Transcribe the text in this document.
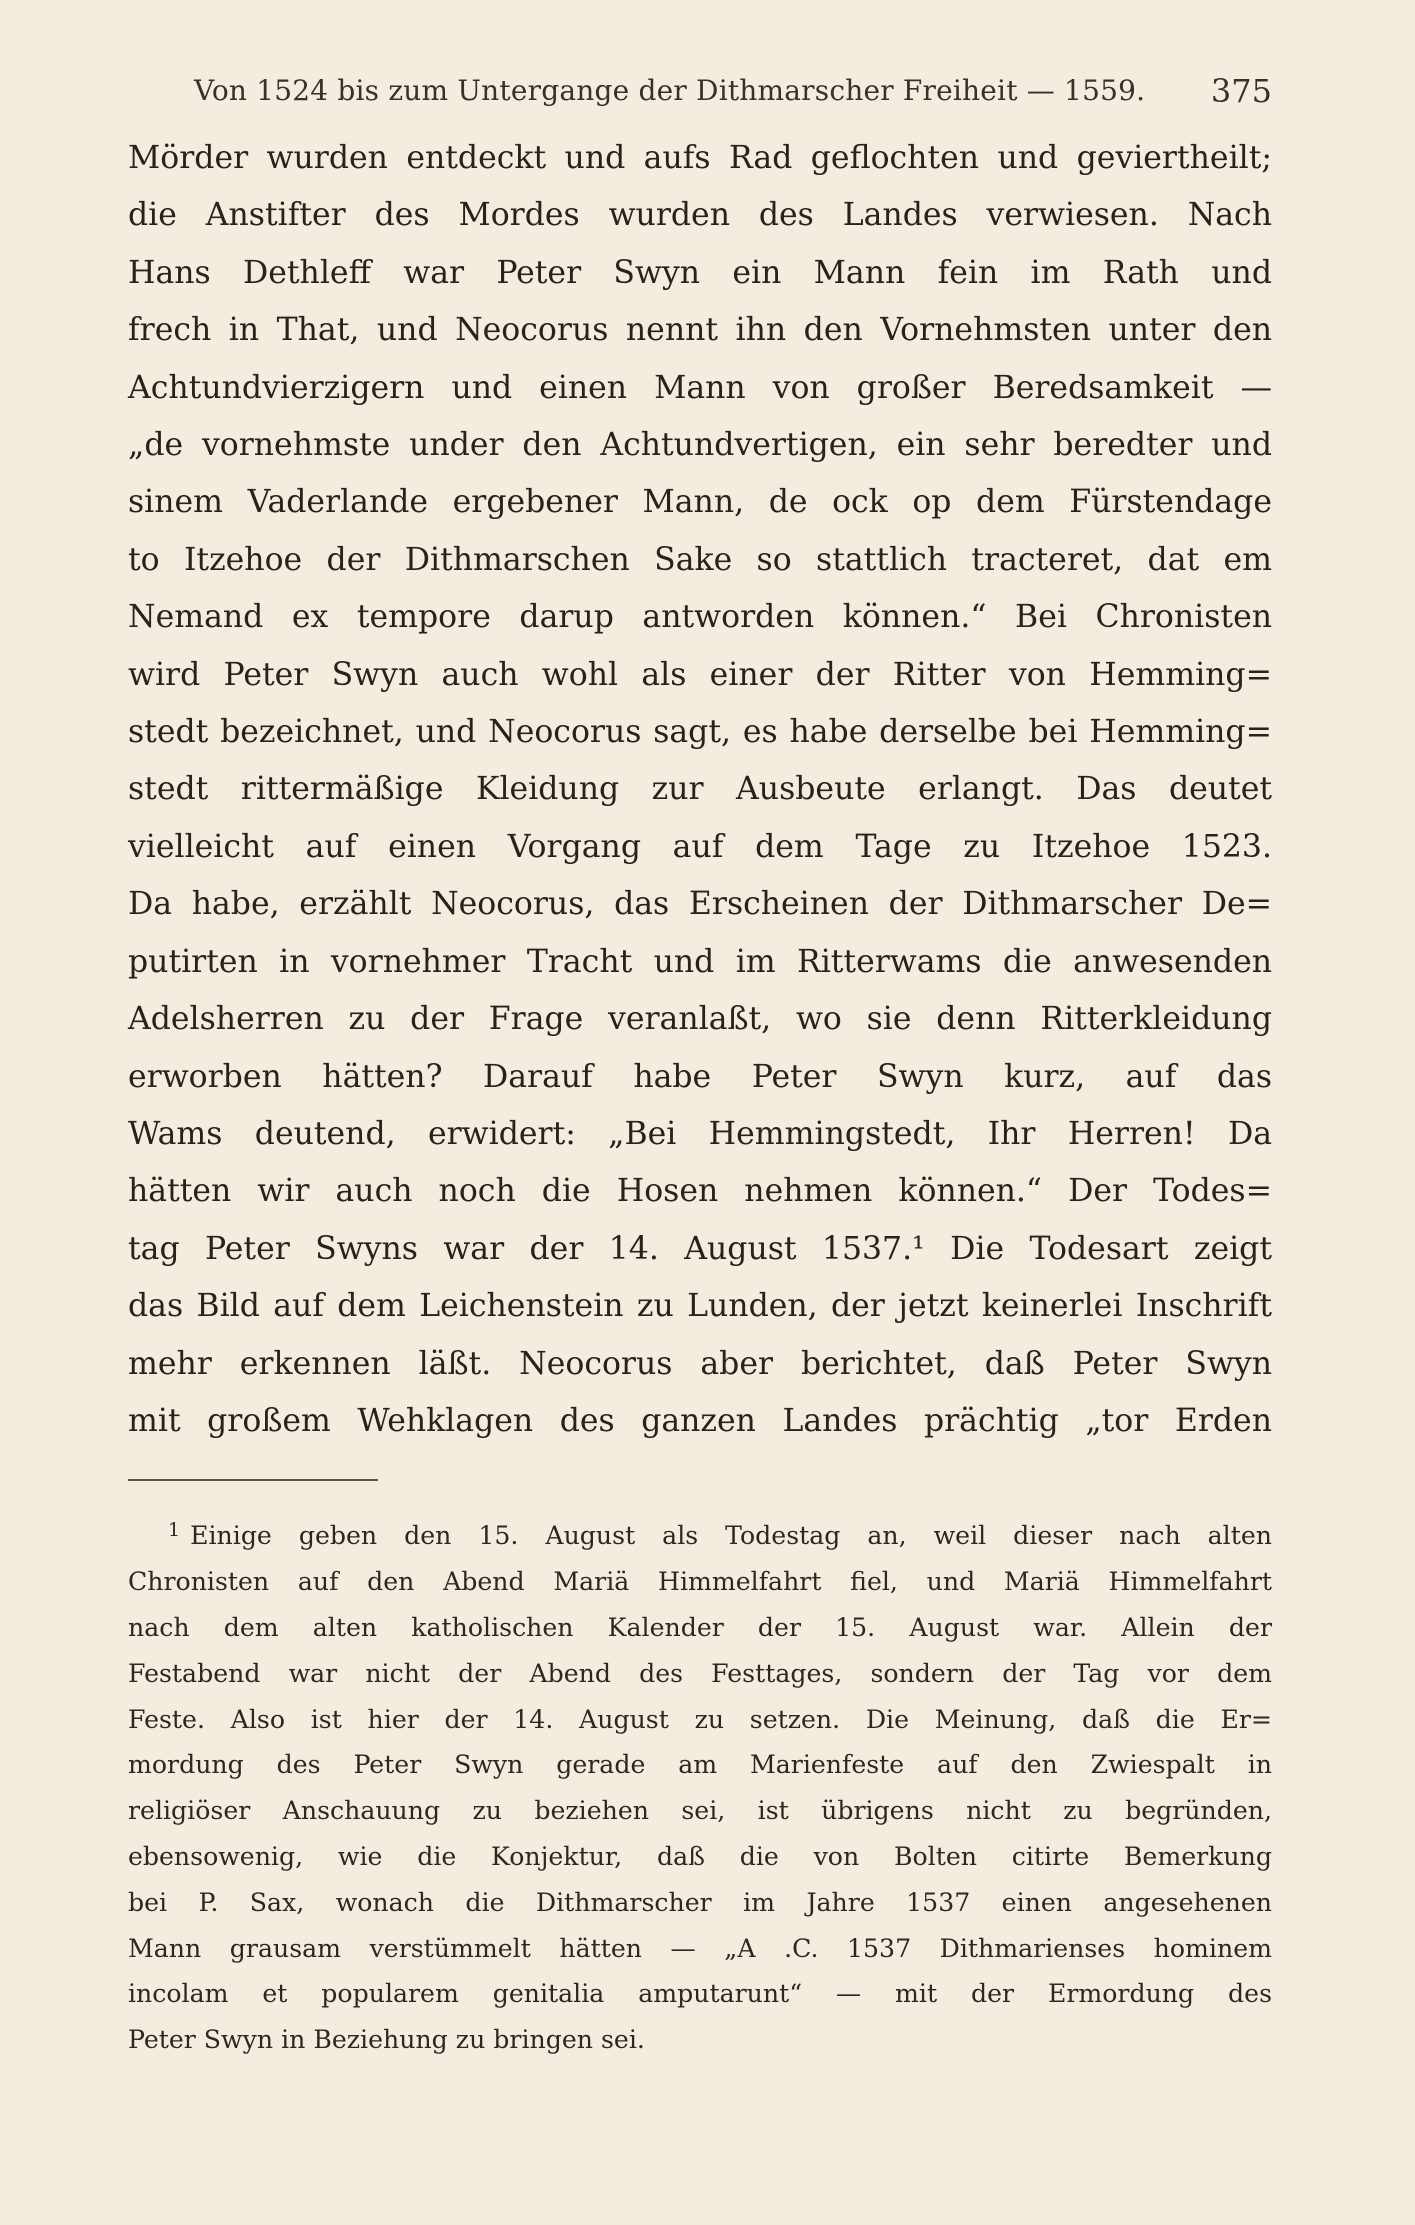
Von 1524 bis zum Untergange der Dithmarscher Freiheit — 1559. 375
Mörder wurden entdeckt und aufs Rad geflochten und geviertheilt;
die Anstifter des Mordes wurden des Landes verwiesen. Nach
Hans Dethleff war Peter Swyn ein Mann fein im Rath und
frech in That, und Neocorus nennt ihn den Vornehmsten unter den
Achtundvierzigern und einen Mann von großer Beredsamkeit —
„de vornehmste under den Achtundvertigen, ein sehr beredter und
sinem Vaderlande ergebener Mann, de ock op dem Fürstendage
to Itzehoe der Dithmarschen Sake so stattlich tracteret, dat em
Nemand ex tempore darup antworden können.“ Bei Chronisten
wird Peter Swyn auch wohl als einer der Ritter von Hemming=
stedt bezeichnet, und Neocorus sagt, es habe derselbe bei Hemming=
stedt rittermäßige Kleidung zur Ausbeute erlangt. Das deutet
vielleicht auf einen Vorgang auf dem Tage zu Itzehoe 1523.
Da habe, erzählt Neocorus, das Erscheinen der Dithmarscher De=
putirten in vornehmer Tracht und im Ritterwams die anwesenden
Adelsherren zu der Frage veranlaßt, wo sie denn Ritterkleidung
erworben hätten? Darauf habe Peter Swyn kurz, auf das
Wams deutend, erwidert: „Bei Hemmingstedt, Ihr Herren! Da
hätten wir auch noch die Hosen nehmen können.“ Der Todes=
tag Peter Swyns war der 14. August 1537.¹ Die Todesart zeigt
das Bild auf dem Leichenstein zu Lunden, der jetzt keinerlei Inschrift
mehr erkennen läßt. Neocorus aber berichtet, daß Peter Swyn
mit großem Wehklagen des ganzen Landes prächtig „tor Erden
1 Einige geben den 15. August als Todestag an, weil dieser nach alten
Chronisten auf den Abend Mariä Himmelfahrt fiel, und Mariä Himmelfahrt
nach dem alten katholischen Kalender der 15. August war. Allein der
Festabend war nicht der Abend des Festtages, sondern der Tag vor dem
Feste. Also ist hier der 14. August zu setzen. Die Meinung, daß die Er=
mordung des Peter Swyn gerade am Marienfeste auf den Zwiespalt in
religiöser Anschauung zu beziehen sei, ist übrigens nicht zu begründen,
ebensowenig, wie die Konjektur, daß die von Bolten citirte Bemerkung
bei P. Sax, wonach die Dithmarscher im Jahre 1537 einen angesehenen
Mann grausam verstümmelt hätten — „A .C. 1537 Dithmarienses hominem
incolam et popularem genitalia amputarunt“ — mit der Ermordung des
Peter Swyn in Beziehung zu bringen sei.
